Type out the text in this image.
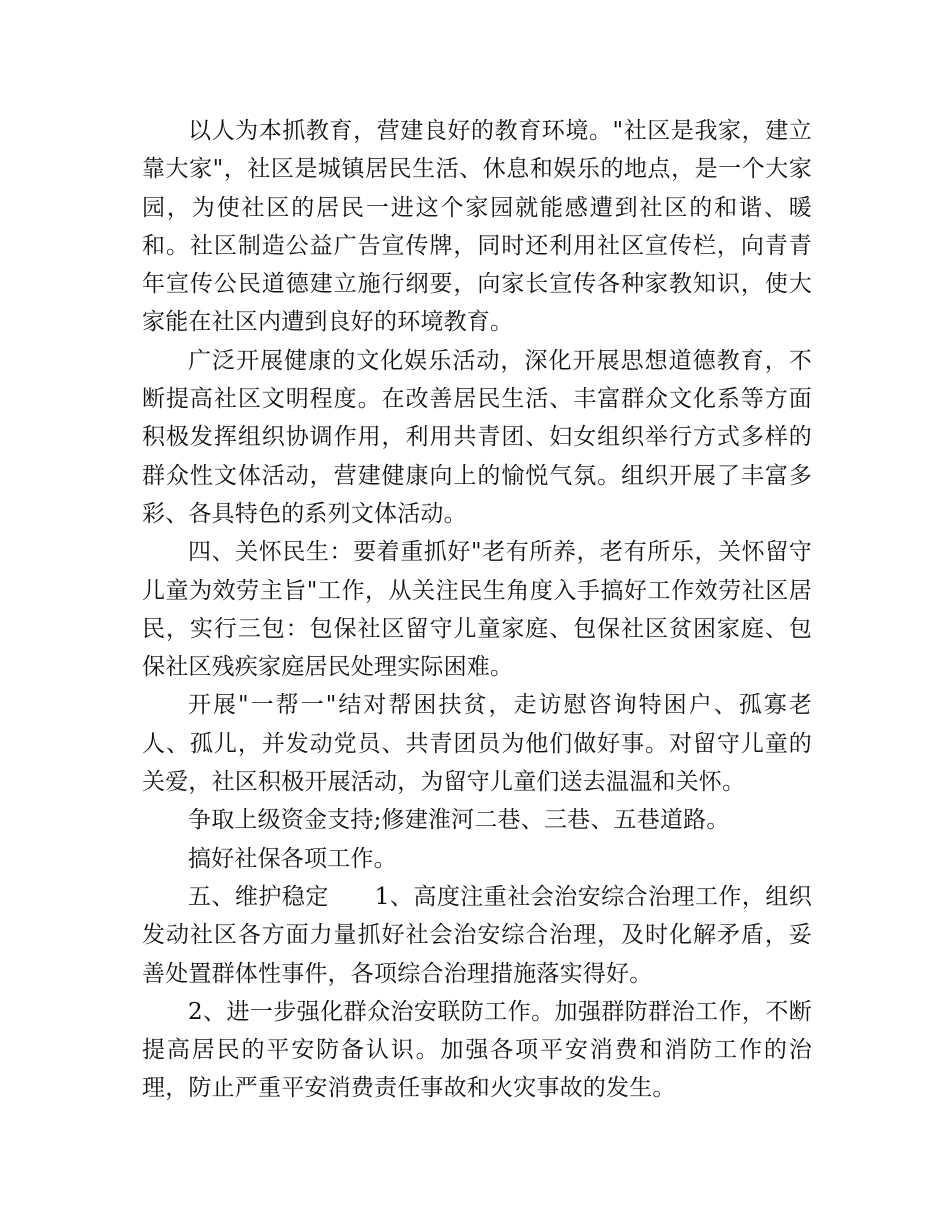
以人为本抓教育，营建良好的教育环境。"社区是我家，建立靠大家"，社区是城镇居民生活、休息和娱乐的地点，是一个大家园，为使社区的居民一进这个家园就能感遭到社区的和谐、暖和。社区制造公益广告宣传牌，同时还利用社区宣传栏，向青青年宣传公民道德建立施行纲要，向家长宣传各种家教知识，使大家能在社区内遭到良好的环境教育。

广泛开展健康的文化娱乐活动，深化开展思想道德教育，不断提高社区文明程度。在改善居民生活、丰富群众文化系等方面积极发挥组织协调作用，利用共青团、妇女组织举行方式多样的群众性文体活动，营建健康向上的愉悦气氛。组织开展了丰富多彩、各具特色的系列文体活动。

四、关怀民生：要着重抓好"老有所养，老有所乐，关怀留守儿童为效劳主旨"工作，从关注民生角度入手搞好工作效劳社区居民，实行三包：包保社区留守儿童家庭、包保社区贫困家庭、包保社区残疾家庭居民处理实际困难。

开展"一帮一"结对帮困扶贫，走访慰咨询特困户、孤寡老人、孤儿，并发动党员、共青团员为他们做好事。对留守儿童的关爱，社区积极开展活动，为留守儿童们送去温温和关怀。

争取上级资金支持;修建淮河二巷、三巷、五巷道路。

搞好社保各项工作。

五、维护稳定 1、高度注重社会治安综合治理工作，组织发动社区各方面力量抓好社会治安综合治理，及时化解矛盾，妥善处置群体性事件，各项综合治理措施落实得好。

2、进一步强化群众治安联防工作。加强群防群治工作，不断提高居民的平安防备认识。加强各项平安消费和消防工作的治理，防止严重平安消费责任事故和火灾事故的发生。
